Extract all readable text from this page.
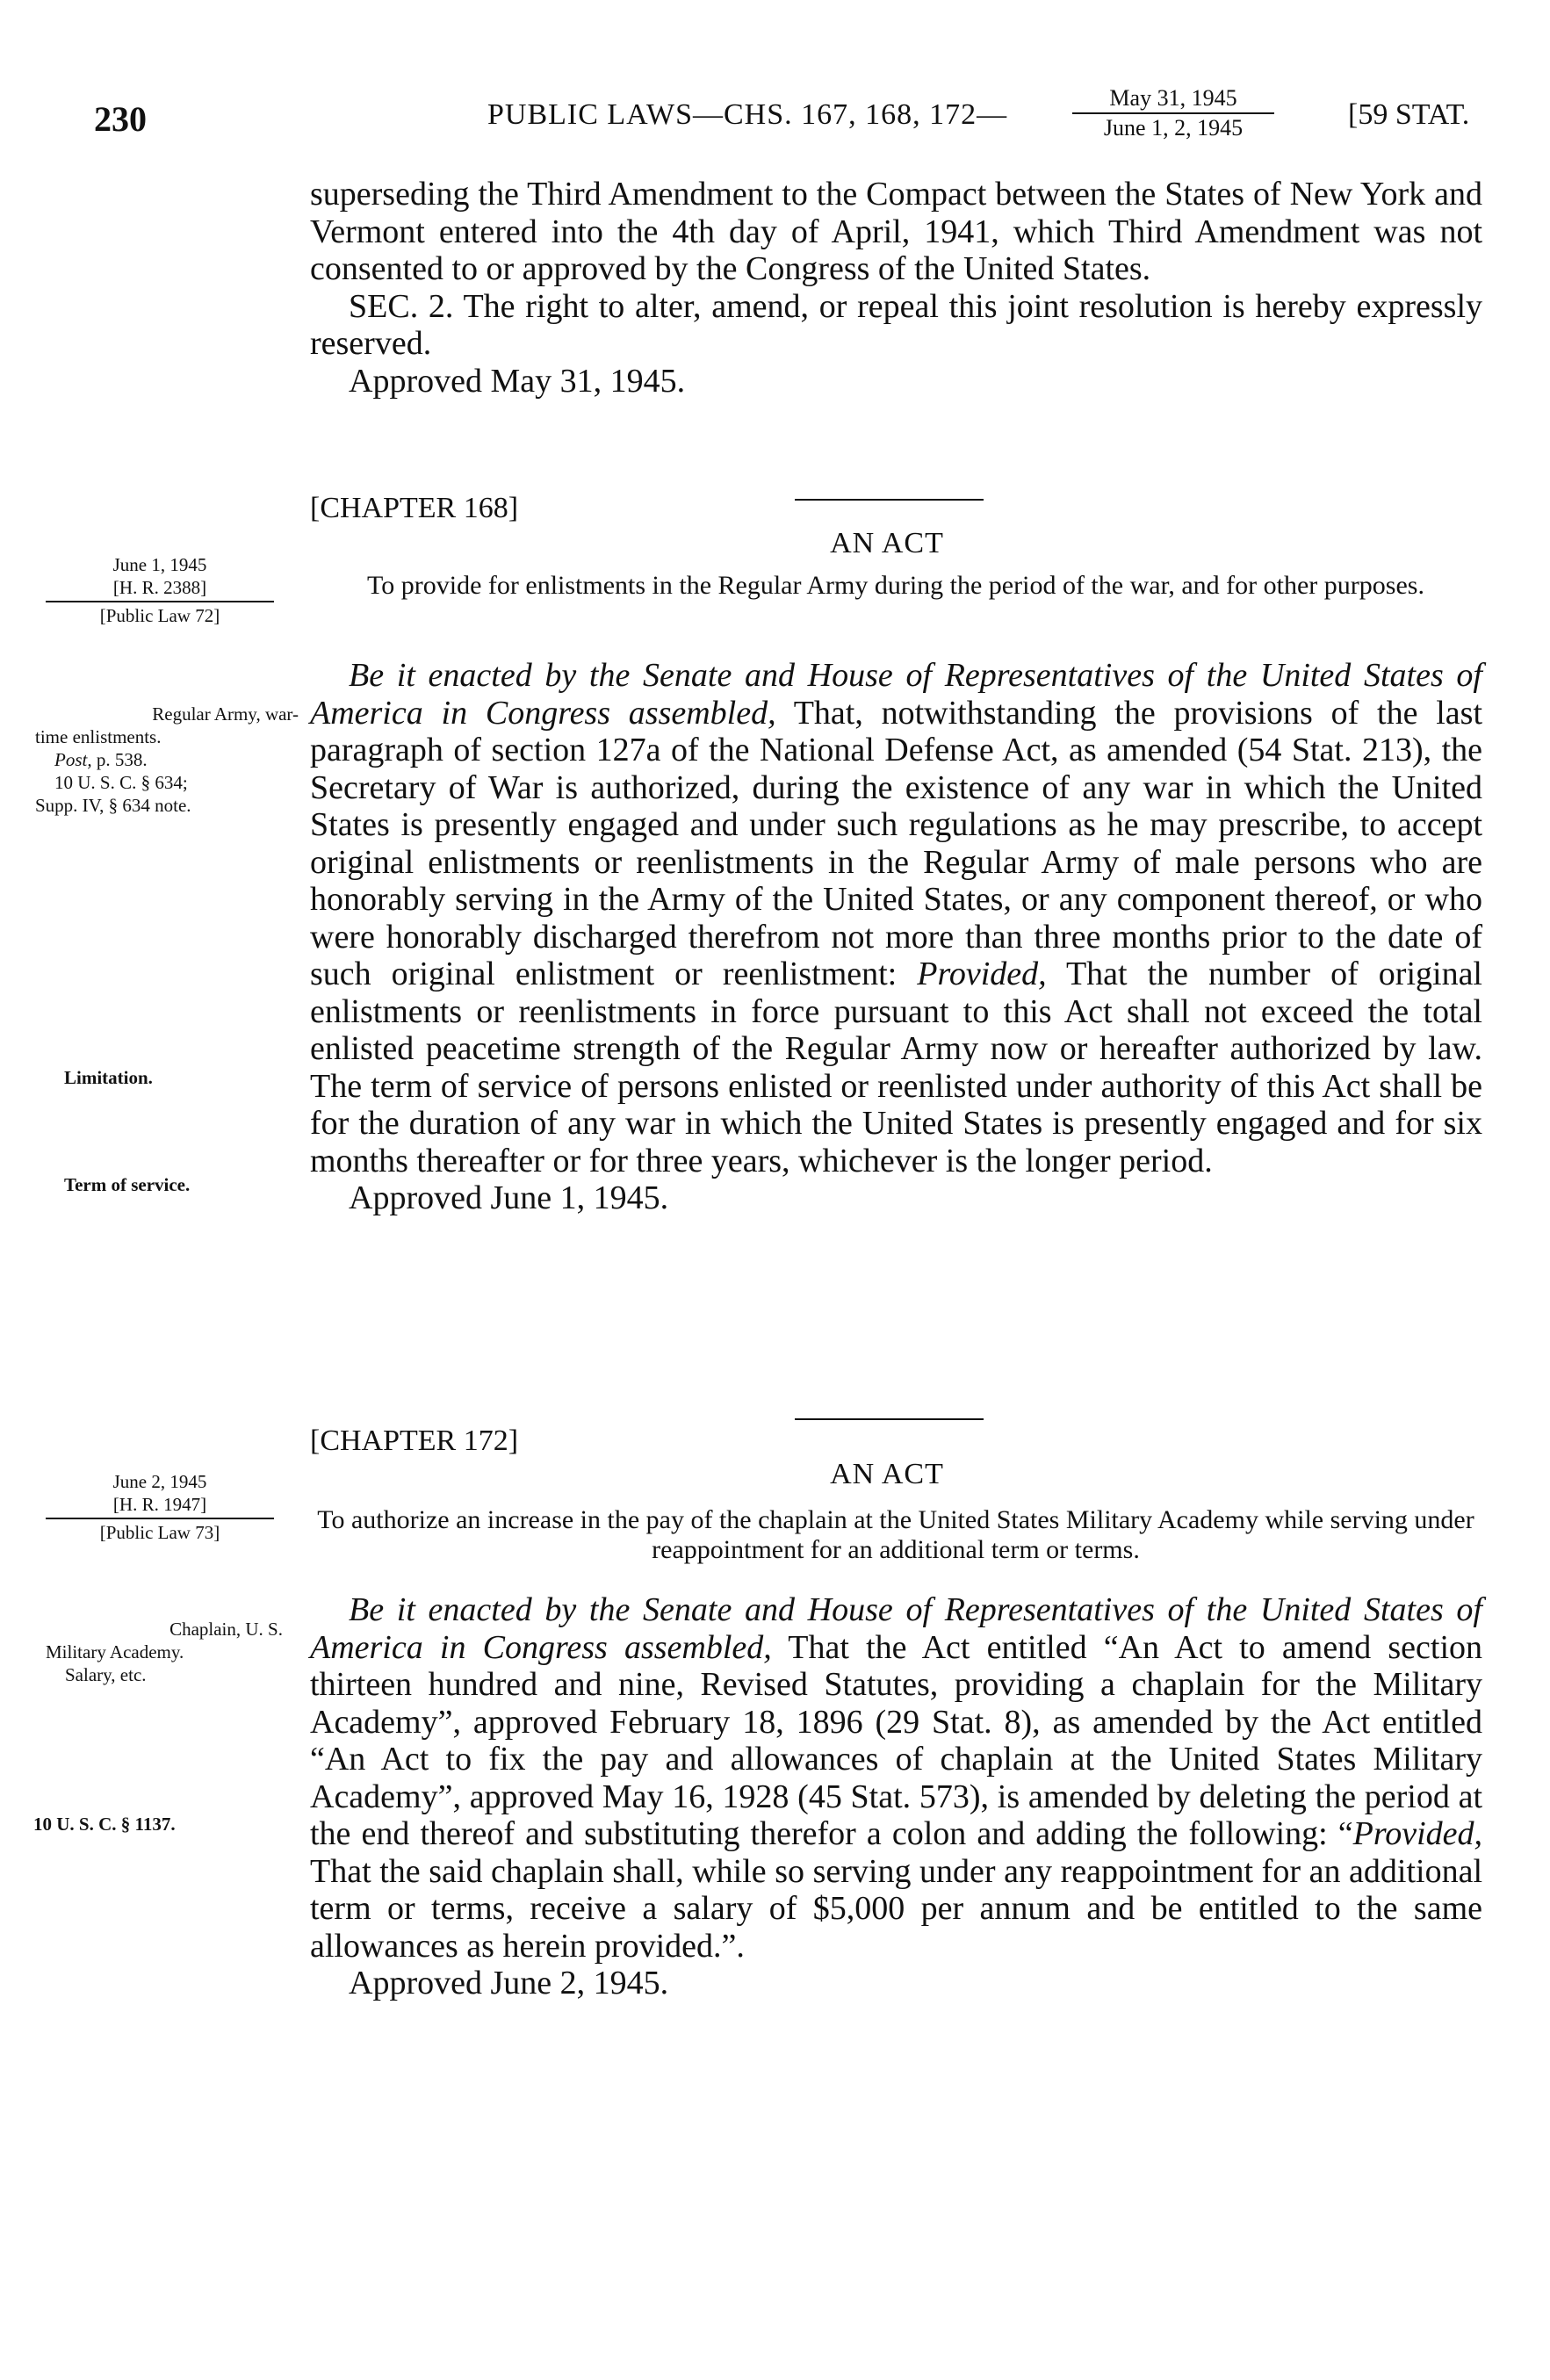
230	PUBLIC LAWS—CHS. 167, 168, 172—
May 31, 1945
June 1, 2, 1945	[59 STAT.

superseding the Third Amendment to the Compact between the States of New York and Vermont entered into the 4th day of April, 1941, which Third Amendment was not consented to or approved by the Congress of the United States.

SEC. 2. The right to alter, amend, or repeal this joint resolution is hereby expressly reserved.

Approved May 31, 1945.

[CHAPTER 168]
AN ACT
To provide for enlistments in the Regular Army during the period of the war, and for other purposes.
June 1, 1945
[H. R. 2388]
[Public Law 72]

Be it enacted by the Senate and House of Representatives of the United States of America in Congress assembled, That, notwithstanding the provisions of the last paragraph of section 127a of the National Defense Act, as amended (54 Stat. 213), the Secretary of War is authorized, during the existence of any war in which the United States is presently engaged and under such regulations as he may prescribe, to accept original enlistments or reenlistments in the Regular Army of male persons who are honorably serving in the Army of the United States, or any component thereof, or who were honorably discharged therefrom not more than three months prior to the date of such original enlistment or reenlistment: Provided, That the number of original enlistments or reenlistments in force pursuant to this Act shall not exceed the total enlisted peacetime strength of the Regular Army now or hereafter authorized by law. The term of service of persons enlisted or reenlisted under authority of this Act shall be for the duration of any war in which the United States is presently engaged and for six months thereafter or for three years, whichever is the longer period.

Approved June 1, 1945.

Regular Army, war-
time enlistments.
Post, p. 538.
10 U. S. C. § 634;
Supp. IV, § 634 note.
Limitation.
Term of service.
[CHAPTER 172]
AN ACT
To authorize an increase in the pay of the chaplain at the United States Military Academy while serving under reappointment for an additional term or terms.
June 2, 1945
[H. R. 1947]
[Public Law 73]

Be it enacted by the Senate and House of Representatives of the United States of America in Congress assembled, That the Act entitled “An Act to amend section thirteen hundred and nine, Revised Statutes, providing a chaplain for the Military Academy”, approved February 18, 1896 (29 Stat. 8), as amended by the Act entitled “An Act to fix the pay and allowances of chaplain at the United States Military Academy”, approved May 16, 1928 (45 Stat. 573), is amended by deleting the period at the end thereof and substituting therefor a colon and adding the following: “Provided, That the said chaplain shall, while so serving under any reappointment for an additional term or terms, receive a salary of $5,000 per annum and be entitled to the same allowances as herein provided.”.

Approved June 2, 1945.

Chaplain, U. S.
Military Academy.
Salary, etc.
10 U. S. C. § 1137.
